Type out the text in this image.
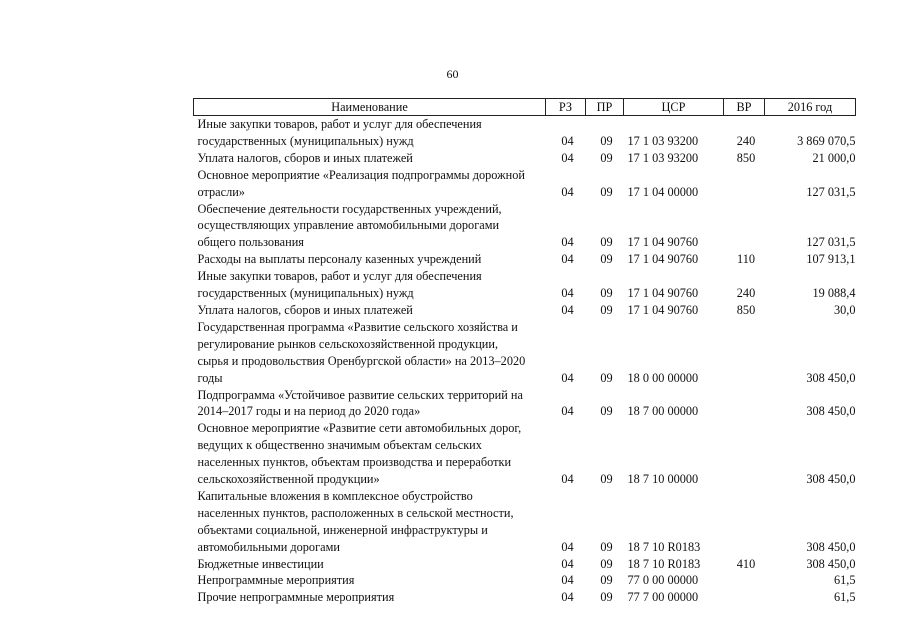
60
Наименование	РЗ	ПР	ЦСР	ВР	2016 год

Иные закупки товаров, работ и услуг для обеспечения
государственных (муниципальных) нужд	04	09	17 1 03 93200	240	3 869 070,5

Уплата налогов, сборов и иных платежей	04	09	17 1 03 93200	850	21 000,0

Основное мероприятие «Реализация подпрограммы дорожной
отрасли»	04	09	17 1 04 00000		127 031,5

Обеспечение деятельности государственных учреждений,
осуществляющих управление автомобильными дорогами
общего пользования	04	09	17 1 04 90760		127 031,5

Расходы на выплаты персоналу казенных учреждений	04	09	17 1 04 90760	110	107 913,1

Иные закупки товаров, работ и услуг для обеспечения
государственных (муниципальных) нужд	04	09	17 1 04 90760	240	19 088,4

Уплата налогов, сборов и иных платежей	04	09	17 1 04 90760	850	30,0

Государственная программа «Развитие сельского хозяйства и
регулирование рынков сельскохозяйственной продукции,
сырья и продовольствия Оренбургской области» на 2013–2020
годы	04	09	18 0 00 00000		308 450,0

Подпрограмма «Устойчивое развитие сельских территорий на
2014–2017 годы и на период до 2020 года»	04	09	18 7 00 00000		308 450,0

Основное мероприятие «Развитие сети автомобильных дорог,
ведущих к общественно значимым объектам сельских
населенных пунктов, объектам производства и переработки
сельскохозяйственной продукции»	04	09	18 7 10 00000		308 450,0

Капитальные вложения в комплексное обустройство
населенных пунктов, расположенных в сельской местности,
объектами социальной, инженерной инфраструктуры и
автомобильными дорогами	04	09	18 7 10 R0183		308 450,0

Бюджетные инвестиции	04	09	18 7 10 R0183	410	308 450,0

Непрограммные мероприятия	04	09	77 0 00 00000		61,5

Прочие непрограммные мероприятия	04	09	77 7 00 00000		61,5
